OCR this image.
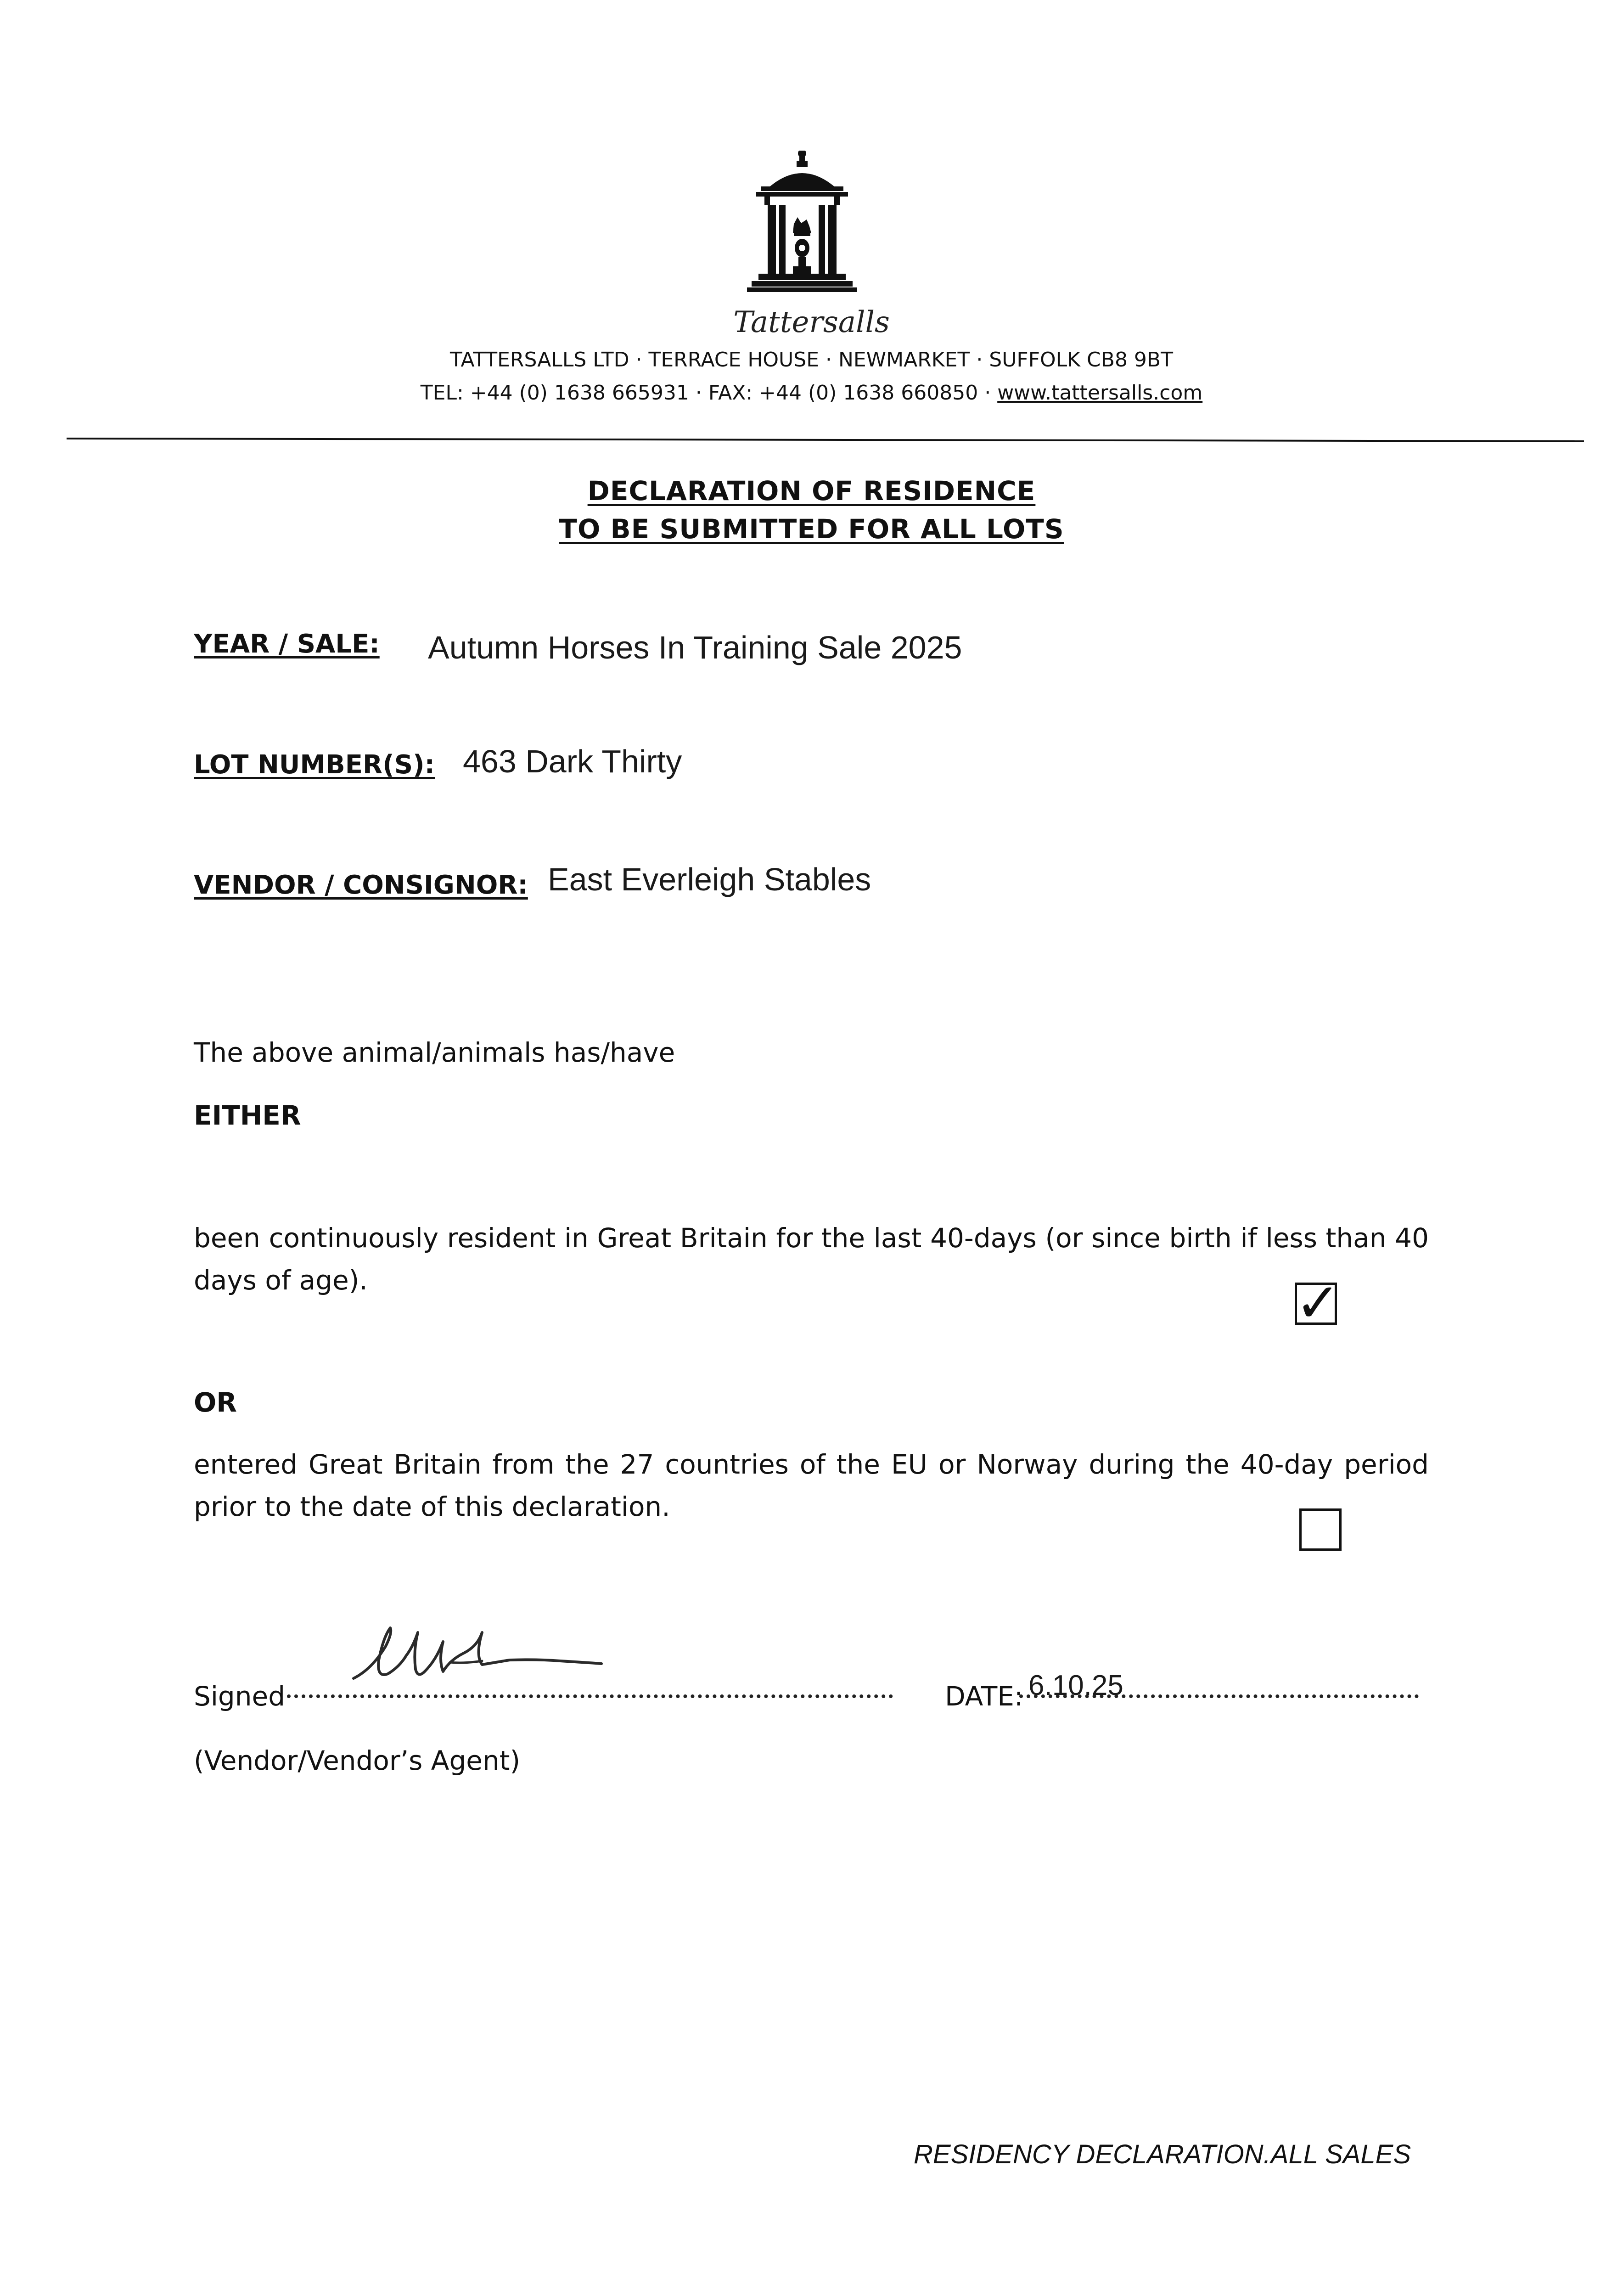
Tattersalls
TATTERSALLS LTD · TERRACE HOUSE · NEWMARKET · SUFFOLK CB8 9BT
TEL: +44 (0) 1638 665931 · FAX: +44 (0) 1638 660850 · www.tattersalls.com
DECLARATION OF RESIDENCE
TO BE SUBMITTED FOR ALL LOTS
YEAR / SALE: Autumn Horses In Training Sale 2025
LOT NUMBER(S): 463 Dark Thirty
VENDOR / CONSIGNOR: East Everleigh Stables
The above animal/animals has/have
EITHER
been continuously resident in Great Britain for the last 40-days (or since birth if less than 40 days of age).	✓
OR
entered Great Britain from the 27 countries of the EU or Norway during the 40-day period prior to the date of this declaration.
Signed	DATE: 6.10.25
(Vendor/Vendor’s Agent)
RESIDENCY DECLARATION.ALL SALES
